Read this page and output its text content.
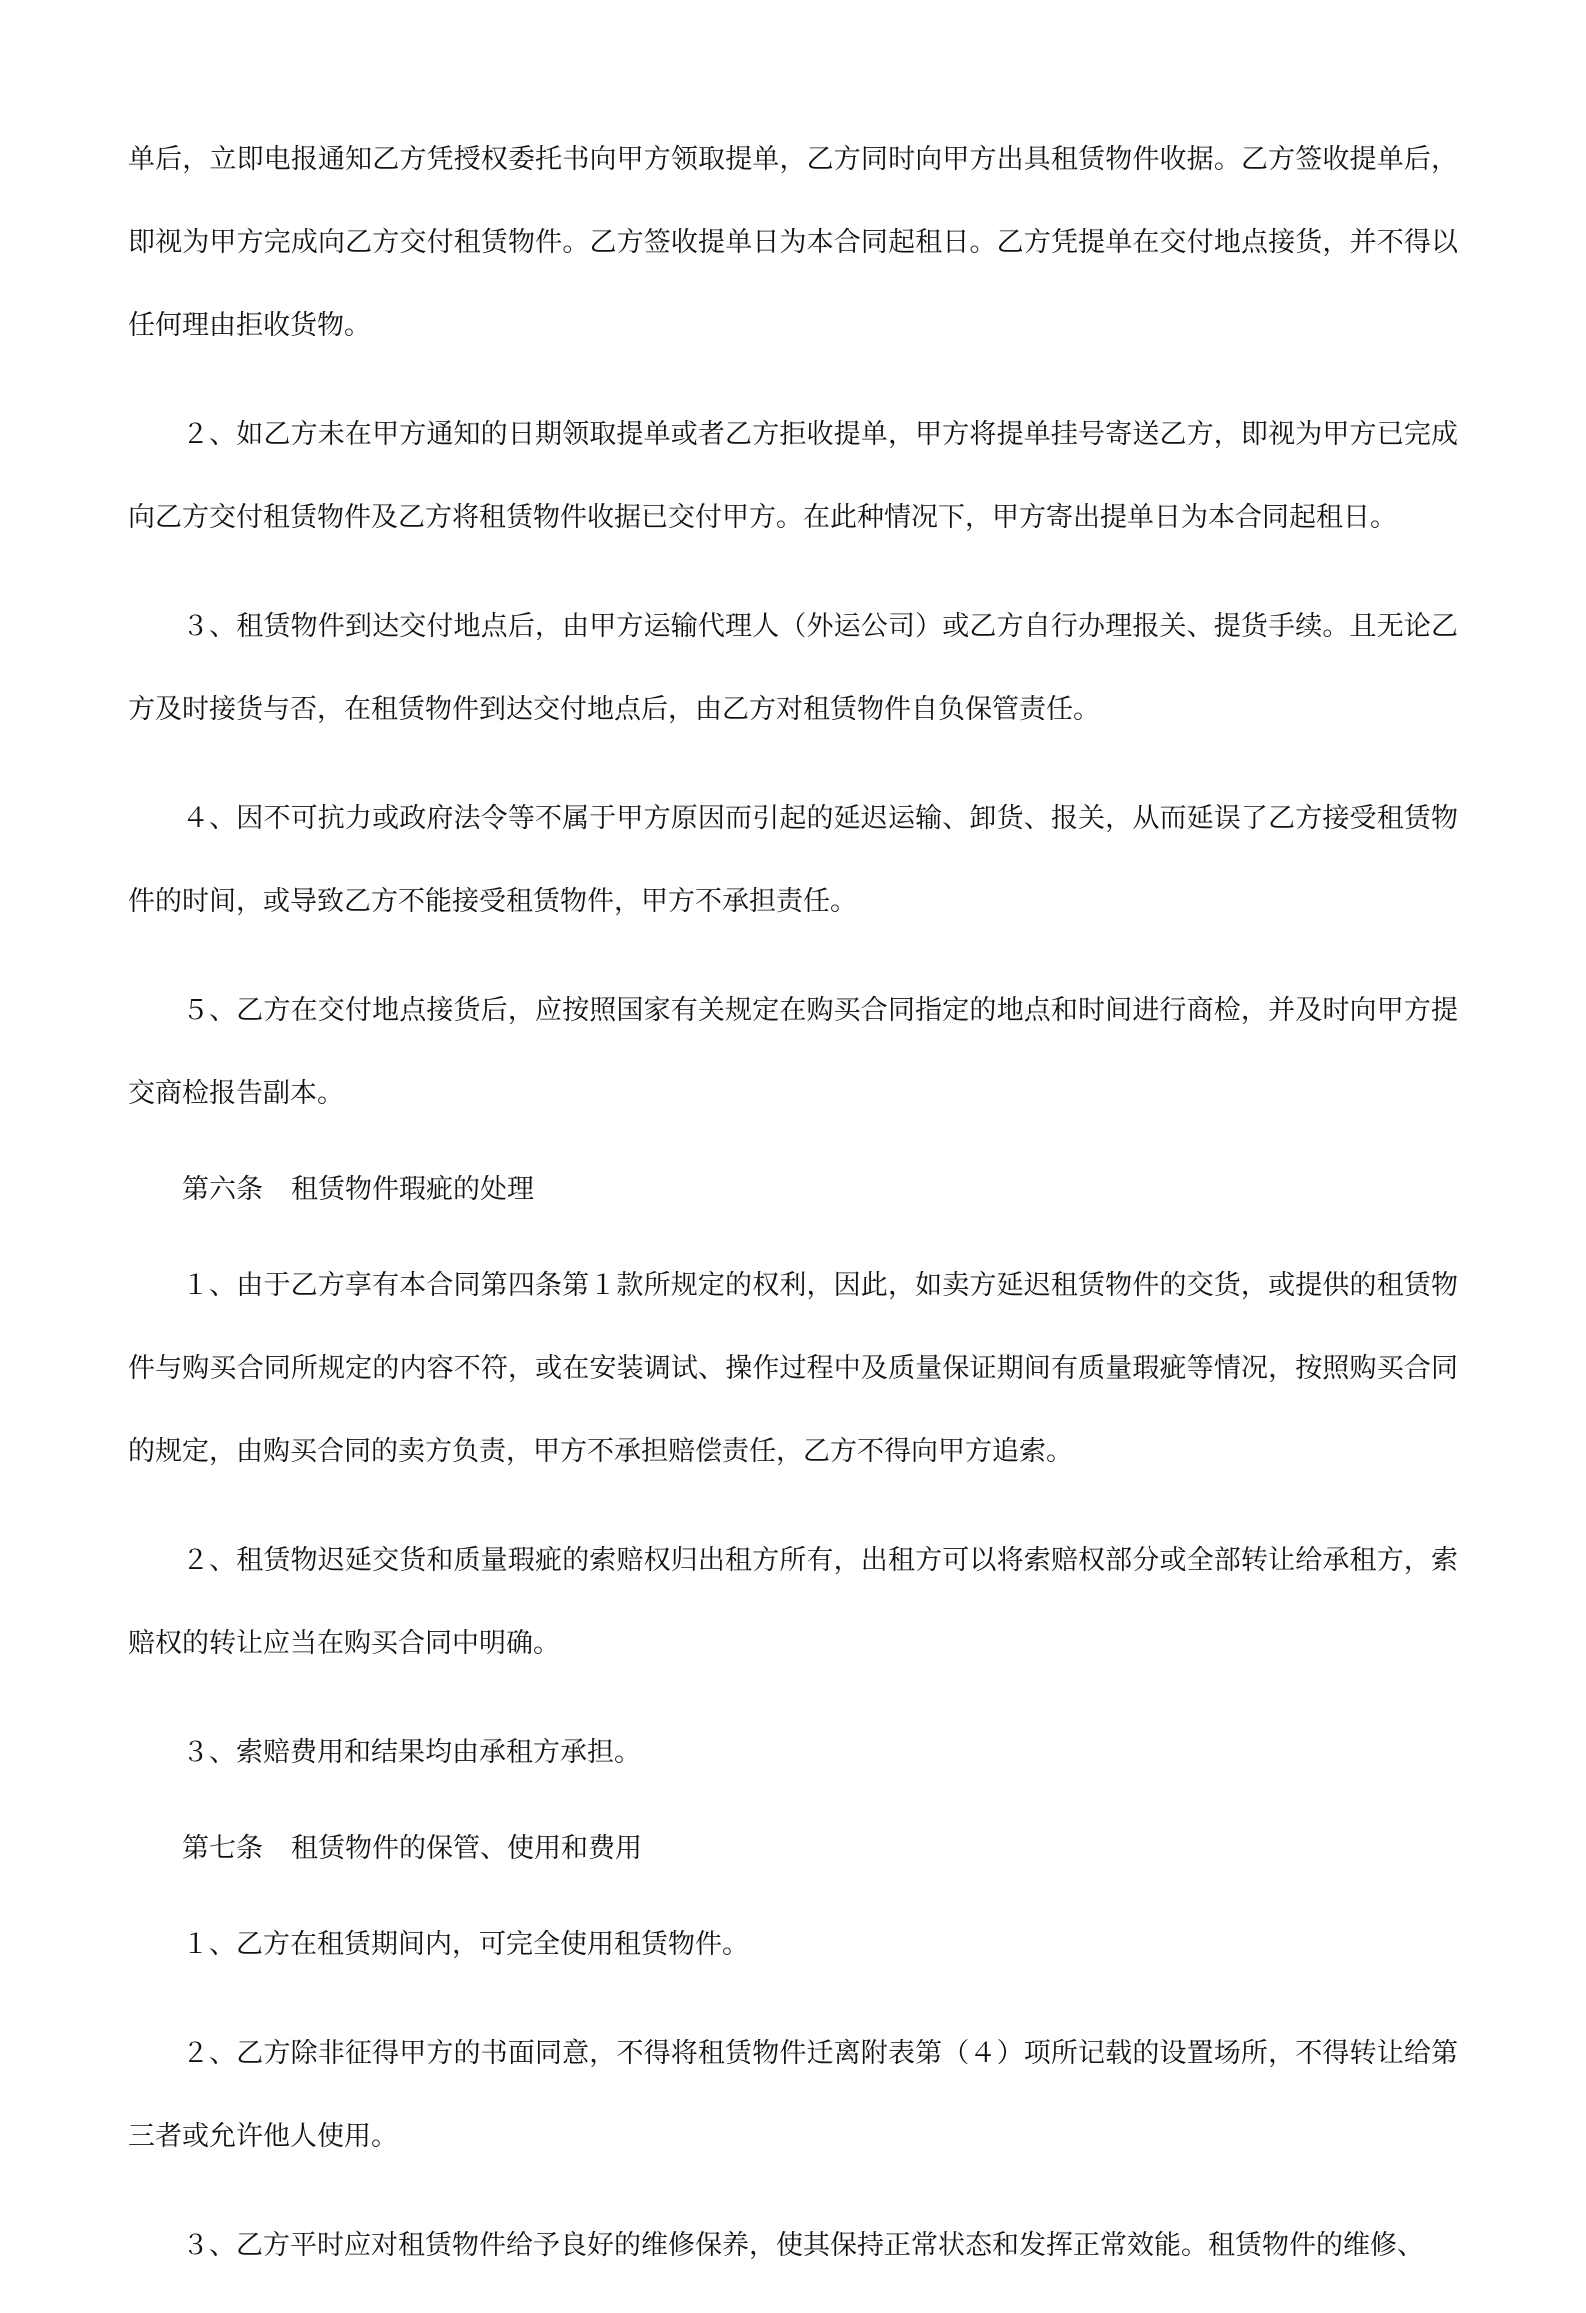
单后，立即电报通知乙方凭授权委托书向甲方领取提单，乙方同时向甲方出具租赁物件收据。乙方签收提单后，即视为甲方完成向乙方交付租赁物件。乙方签收提单日为本合同起租日。乙方凭提单在交付地点接货，并不得以任何理由拒收货物。

２、如乙方未在甲方通知的日期领取提单或者乙方拒收提单，甲方将提单挂号寄送乙方，即视为甲方已完成向乙方交付租赁物件及乙方将租赁物件收据已交付甲方。在此种情况下，甲方寄出提单日为本合同起租日。

３、租赁物件到达交付地点后，由甲方运输代理人（外运公司）或乙方自行办理报关、提货手续。且无论乙方及时接货与否，在租赁物件到达交付地点后，由乙方对租赁物件自负保管责任。

４、因不可抗力或政府法令等不属于甲方原因而引起的延迟运输、卸货、报关，从而延误了乙方接受租赁物件的时间，或导致乙方不能接受租赁物件，甲方不承担责任。

５、乙方在交付地点接货后，应按照国家有关规定在购买合同指定的地点和时间进行商检，并及时向甲方提交商检报告副本。

第六条 租赁物件瑕疵的处理

１、由于乙方享有本合同第四条第１款所规定的权利，因此，如卖方延迟租赁物件的交货，或提供的租赁物件与购买合同所规定的内容不符，或在安装调试、操作过程中及质量保证期间有质量瑕疵等情况，按照购买合同的规定，由购买合同的卖方负责，甲方不承担赔偿责任，乙方不得向甲方追索。

２、租赁物迟延交货和质量瑕疵的索赔权归出租方所有，出租方可以将索赔权部分或全部转让给承租方，索赔权的转让应当在购买合同中明确。

３、索赔费用和结果均由承租方承担。

第七条 租赁物件的保管、使用和费用

１、乙方在租赁期间内，可完全使用租赁物件。

２、乙方除非征得甲方的书面同意，不得将租赁物件迁离附表第（４）项所记载的设置场所，不得转让给第三者或允许他人使用。

３、乙方平时应对租赁物件给予良好的维修保养，使其保持正常状态和发挥正常效能。租赁物件的维修、
